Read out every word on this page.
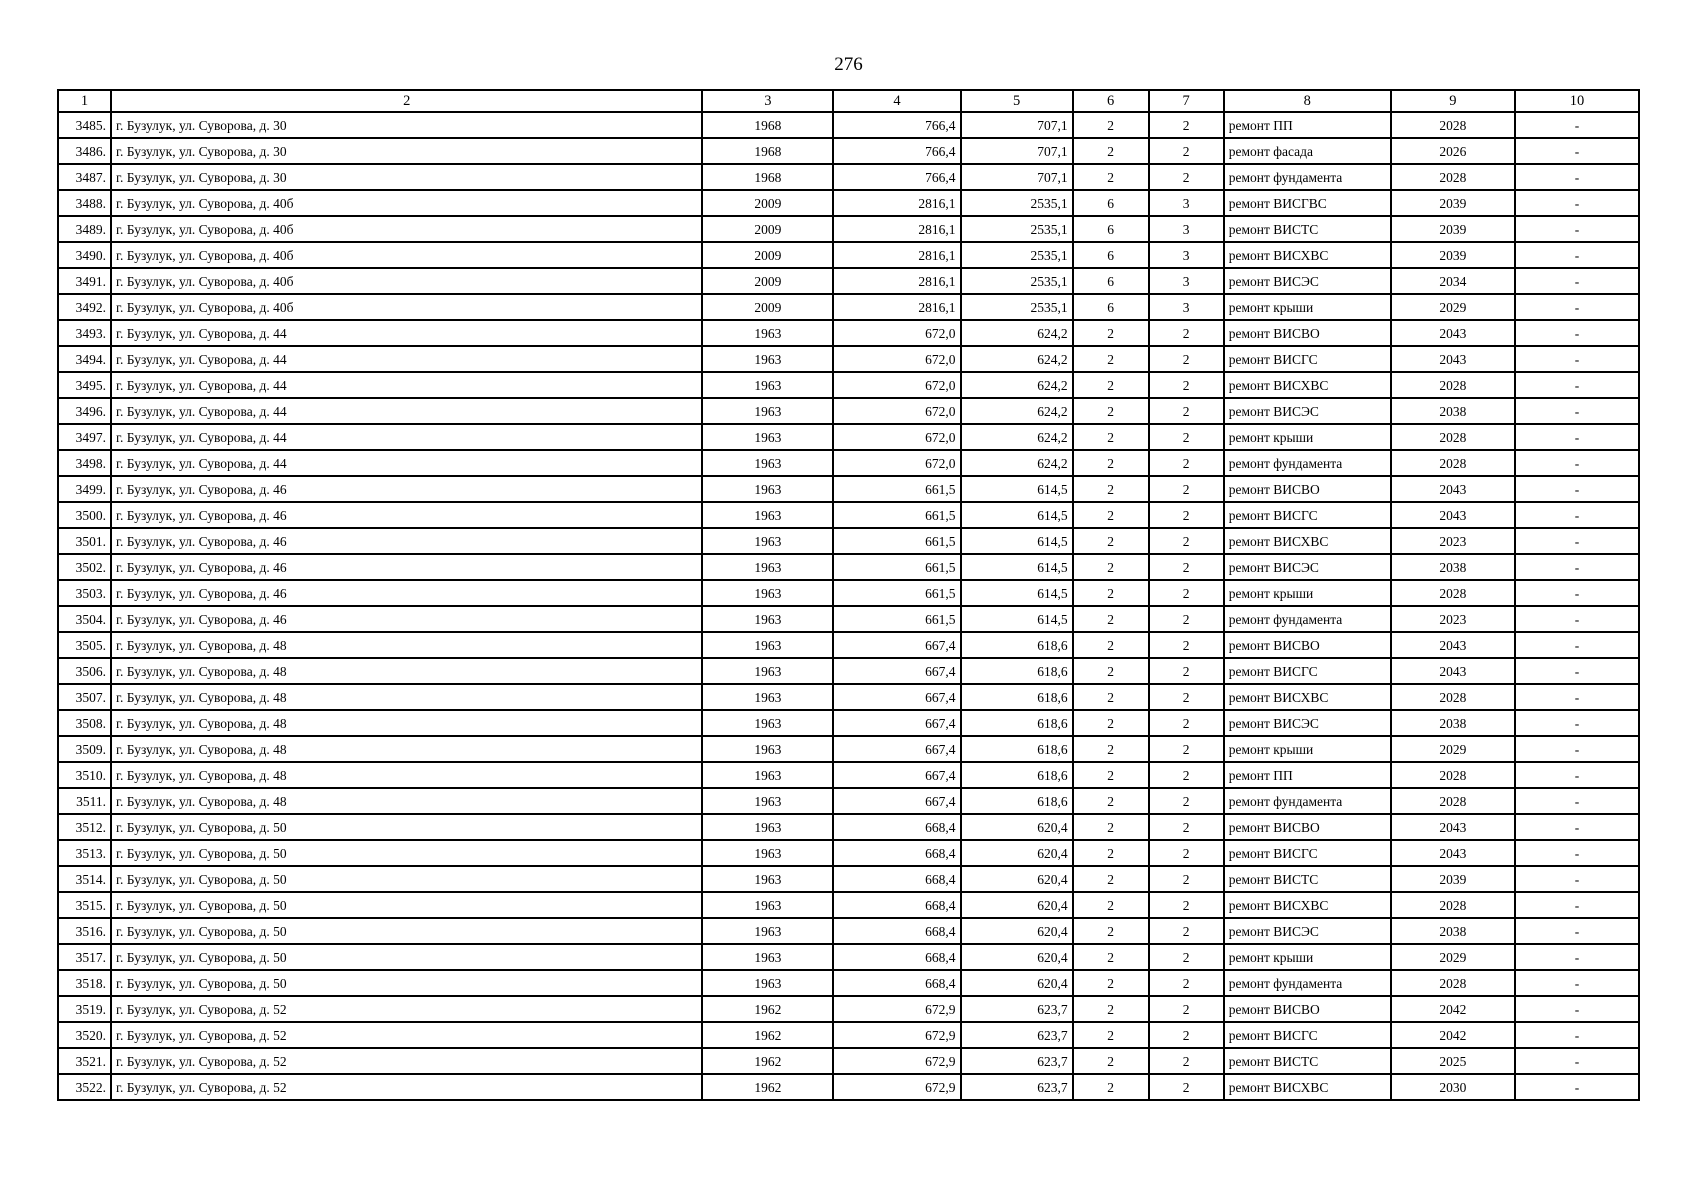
276
1	2	3	4	5	6	7	8	9	10
3485.	г. Бузулук, ул. Суворова, д. 30	1968	766,4	707,1	2	2	ремонт ПП	2028	-
3486.	г. Бузулук, ул. Суворова, д. 30	1968	766,4	707,1	2	2	ремонт фасада	2026	-
3487.	г. Бузулук, ул. Суворова, д. 30	1968	766,4	707,1	2	2	ремонт фундамента	2028	-
3488.	г. Бузулук, ул. Суворова, д. 40б	2009	2816,1	2535,1	6	3	ремонт ВИСГВС	2039	-
3489.	г. Бузулук, ул. Суворова, д. 40б	2009	2816,1	2535,1	6	3	ремонт ВИСТС	2039	-
3490.	г. Бузулук, ул. Суворова, д. 40б	2009	2816,1	2535,1	6	3	ремонт ВИСХВС	2039	-
3491.	г. Бузулук, ул. Суворова, д. 40б	2009	2816,1	2535,1	6	3	ремонт ВИСЭС	2034	-
3492.	г. Бузулук, ул. Суворова, д. 40б	2009	2816,1	2535,1	6	3	ремонт крыши	2029	-
3493.	г. Бузулук, ул. Суворова, д. 44	1963	672,0	624,2	2	2	ремонт ВИСВО	2043	-
3494.	г. Бузулук, ул. Суворова, д. 44	1963	672,0	624,2	2	2	ремонт ВИСГС	2043	-
3495.	г. Бузулук, ул. Суворова, д. 44	1963	672,0	624,2	2	2	ремонт ВИСХВС	2028	-
3496.	г. Бузулук, ул. Суворова, д. 44	1963	672,0	624,2	2	2	ремонт ВИСЭС	2038	-
3497.	г. Бузулук, ул. Суворова, д. 44	1963	672,0	624,2	2	2	ремонт крыши	2028	-
3498.	г. Бузулук, ул. Суворова, д. 44	1963	672,0	624,2	2	2	ремонт фундамента	2028	-
3499.	г. Бузулук, ул. Суворова, д. 46	1963	661,5	614,5	2	2	ремонт ВИСВО	2043	-
3500.	г. Бузулук, ул. Суворова, д. 46	1963	661,5	614,5	2	2	ремонт ВИСГС	2043	-
3501.	г. Бузулук, ул. Суворова, д. 46	1963	661,5	614,5	2	2	ремонт ВИСХВС	2023	-
3502.	г. Бузулук, ул. Суворова, д. 46	1963	661,5	614,5	2	2	ремонт ВИСЭС	2038	-
3503.	г. Бузулук, ул. Суворова, д. 46	1963	661,5	614,5	2	2	ремонт крыши	2028	-
3504.	г. Бузулук, ул. Суворова, д. 46	1963	661,5	614,5	2	2	ремонт фундамента	2023	-
3505.	г. Бузулук, ул. Суворова, д. 48	1963	667,4	618,6	2	2	ремонт ВИСВО	2043	-
3506.	г. Бузулук, ул. Суворова, д. 48	1963	667,4	618,6	2	2	ремонт ВИСГС	2043	-
3507.	г. Бузулук, ул. Суворова, д. 48	1963	667,4	618,6	2	2	ремонт ВИСХВС	2028	-
3508.	г. Бузулук, ул. Суворова, д. 48	1963	667,4	618,6	2	2	ремонт ВИСЭС	2038	-
3509.	г. Бузулук, ул. Суворова, д. 48	1963	667,4	618,6	2	2	ремонт крыши	2029	-
3510.	г. Бузулук, ул. Суворова, д. 48	1963	667,4	618,6	2	2	ремонт ПП	2028	-
3511.	г. Бузулук, ул. Суворова, д. 48	1963	667,4	618,6	2	2	ремонт фундамента	2028	-
3512.	г. Бузулук, ул. Суворова, д. 50	1963	668,4	620,4	2	2	ремонт ВИСВО	2043	-
3513.	г. Бузулук, ул. Суворова, д. 50	1963	668,4	620,4	2	2	ремонт ВИСГС	2043	-
3514.	г. Бузулук, ул. Суворова, д. 50	1963	668,4	620,4	2	2	ремонт ВИСТС	2039	-
3515.	г. Бузулук, ул. Суворова, д. 50	1963	668,4	620,4	2	2	ремонт ВИСХВС	2028	-
3516.	г. Бузулук, ул. Суворова, д. 50	1963	668,4	620,4	2	2	ремонт ВИСЭС	2038	-
3517.	г. Бузулук, ул. Суворова, д. 50	1963	668,4	620,4	2	2	ремонт крыши	2029	-
3518.	г. Бузулук, ул. Суворова, д. 50	1963	668,4	620,4	2	2	ремонт фундамента	2028	-
3519.	г. Бузулук, ул. Суворова, д. 52	1962	672,9	623,7	2	2	ремонт ВИСВО	2042	-
3520.	г. Бузулук, ул. Суворова, д. 52	1962	672,9	623,7	2	2	ремонт ВИСГС	2042	-
3521.	г. Бузулук, ул. Суворова, д. 52	1962	672,9	623,7	2	2	ремонт ВИСТС	2025	-
3522.	г. Бузулук, ул. Суворова, д. 52	1962	672,9	623,7	2	2	ремонт ВИСХВС	2030	-
